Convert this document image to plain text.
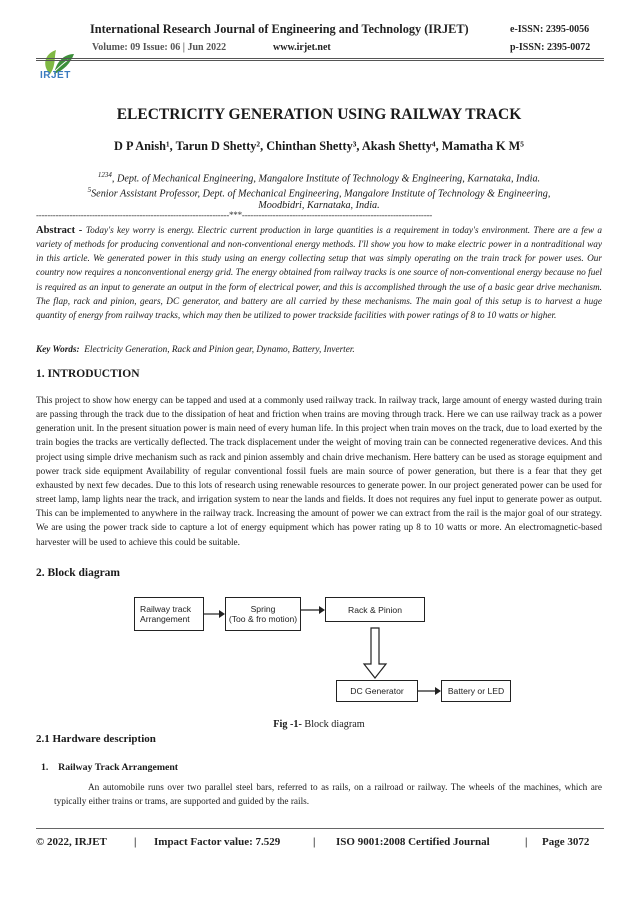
IRJET
International Research Journal of Engineering and Technology (IRJET)	e-ISSN: 2395-0056
Volume: 09 Issue: 06 | Jun 2022	www.irjet.net	p-ISSN: 2395-0072
ELECTRICITY GENERATION USING RAILWAY TRACK
D P Anish¹, Tarun D Shetty², Chinthan Shetty³, Akash Shetty⁴, Mamatha K M⁵
$^{1234}$, Dept. of Mechanical Engineering, Mangalore Institute of Technology & Engineering, Karnataka, India.
$^5$Senior Assistant Professor, Dept. of Mechanical Engineering, Mangalore Institute of Technology & Engineering,
Moodbidri, Karnataka, India.
---------------------------------------------------------------------***--------------------------------------------------------------------
Abstract - Today's key worry is energy. Electric current production in large quantities is a requirement in today's environment. There are a few a variety of methods for producing conventional and non-conventional energy methods. I'll show you how to make electric power in a nontraditional way in this article. We generated power in this study using an energy collecting setup that was simply operating on the train track for power uses. Our country now requires a nonconventional energy grid. The energy obtained from railway tracks is one source of non-conventional energy because no fuel is required as an input to generate an output in the form of electrical power, and this is accomplished through the use of a basic gear drive mechanism. The flap, rack and pinion, gears, DC generator, and battery are all carried by these mechanisms. The main goal of this setup is to harvest a huge quantity of energy from railway tracks, which may then be utilized to power trackside facilities with power ratings of 8 to 10 watts or higher.
Key Words: Electricity Generation, Rack and Pinion gear, Dynamo, Battery, Inverter.
1. INTRODUCTION
This project to show how energy can be tapped and used at a commonly used railway track. In railway track, large amount of energy wasted during train are passing through the track due to the dissipation of heat and friction when trains are moving through track. Here we can use railway track as a power generation unit. In the present situation power is main need of every human life. In this project when train moves on the track, due to load exerted by the train bogies the tracks are vertically deflected. The track displacement under the weight of moving train can be connected regenerative devices. And this project using simple drive mechanism such as rack and pinion assembly and chain drive mechanism. Here battery can be used as storage equipment and power track side equipment Availability of regular conventional fossil fuels are main source of power generation, but there is a fear that they get exhausted by next few decades. Due to this lots of research using renewable resources to generate power. In our project generated power can be used for street lamp, lamp lights near the track, and irrigation system to near the lands and fields. It does not requires any fuel input to generate power as output. This can be implemented to anywhere in the railway track. Increasing the amount of power we can extract from the rail is the major goal of our strategy. We are using the power track side to capture a lot of energy equipment which has power rating up 8 to 10 watts or more. An electromagnetic-based harvester will be used to achieve this could be suitable.
2. Block diagram
Railway track
Arrangement
Spring
(Too & fro motion)
Rack & Pinion
DC Generator	Battery or LED
Fig -1- Block diagram
2.1 Hardware description
1.    Railway Track Arrangement
An automobile runs over two parallel steel bars, referred to as rails, on a railroad or railway. The wheels of the machines, which are typically either trains or trams, are supported and guided by the rails.
© 2022, IRJET | Impact Factor value: 7.529	| ISO 9001:2008 Certified Journal	| Page 3072
